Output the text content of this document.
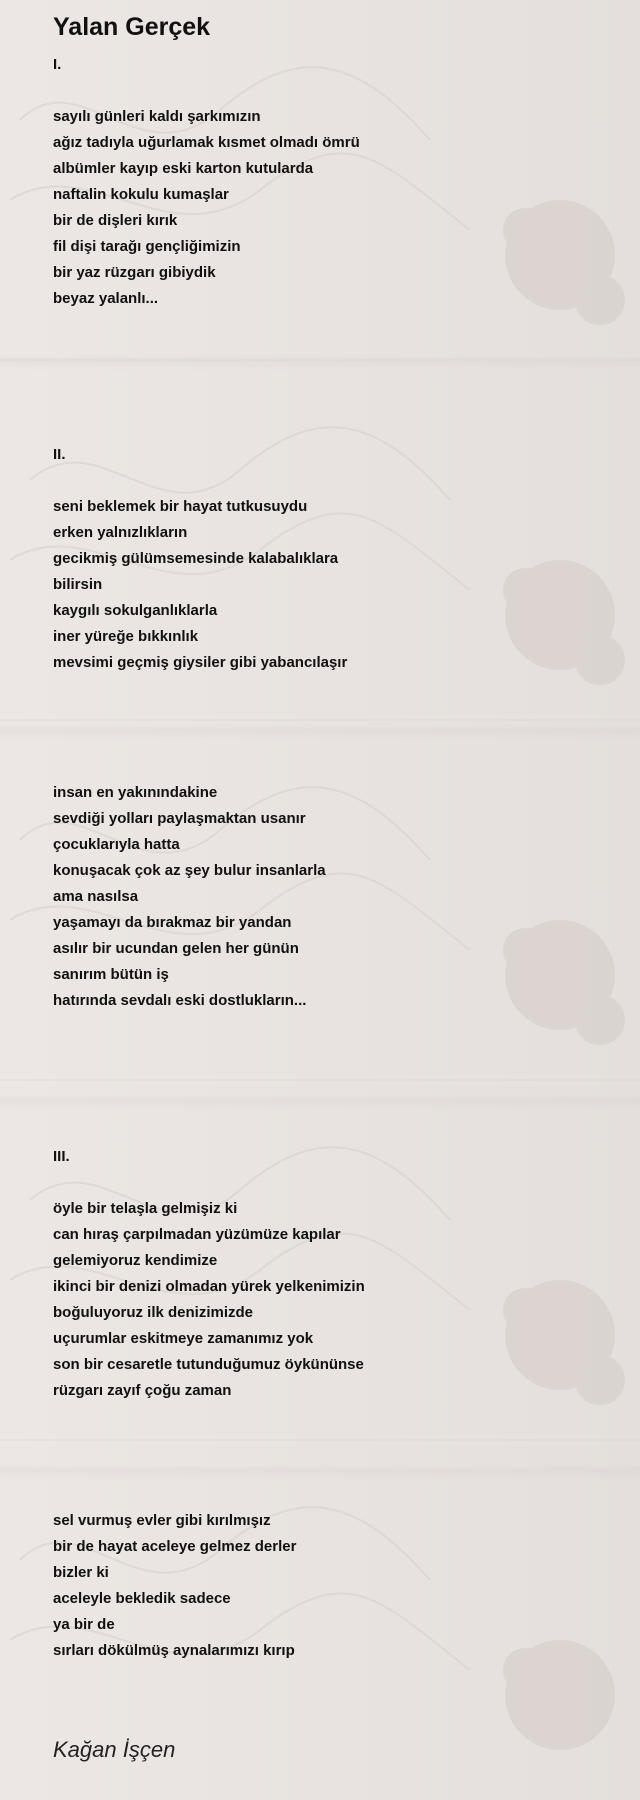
Yalan Gerçek
I.
sayılı günleri kaldı şarkımızın
ağız tadıyla uğurlamak kısmet olmadı ömrü
albümler kayıp eski karton kutularda
naftalin kokulu kumaşlar
bir de dişleri kırık
fil dişi tarağı gençliğimizin
bir yaz rüzgarı gibiydik
beyaz yalanlı...
II.
seni beklemek bir hayat tutkusuydu
erken yalnızlıkların
gecikmiş gülümsemesinde kalabalıklara
bilirsin
kaygılı sokulganlıklarla
iner yüreğe bıkkınlık
mevsimi geçmiş giysiler gibi yabancılaşır
insan en yakınındakine
sevdiği yolları paylaşmaktan usanır
çocuklarıyla hatta
konuşacak çok az şey bulur insanlarla
ama nasılsa
yaşamayı da bırakmaz bir yandan
asılır bir ucundan gelen her günün
sanırım bütün iş
hatırında sevdalı eski dostlukların...
III.
öyle bir telaşla gelmişiz ki
can hıraş çarpılmadan yüzümüze kapılar
gelemiyoruz kendimize
ikinci bir denizi olmadan yürek yelkenimizin
boğuluyoruz ilk denizimizde
uçurumlar eskitmeye zamanımız yok
son bir cesaretle tutunduğumuz öykününse
rüzgarı zayıf çoğu zaman
sel vurmuş evler gibi kırılmışız
bir de hayat aceleye gelmez derler
bizler ki
aceleyle bekledik sadece
ya bir de
sırları dökülmüş aynalarımızı kırıp
Kağan İşçen
